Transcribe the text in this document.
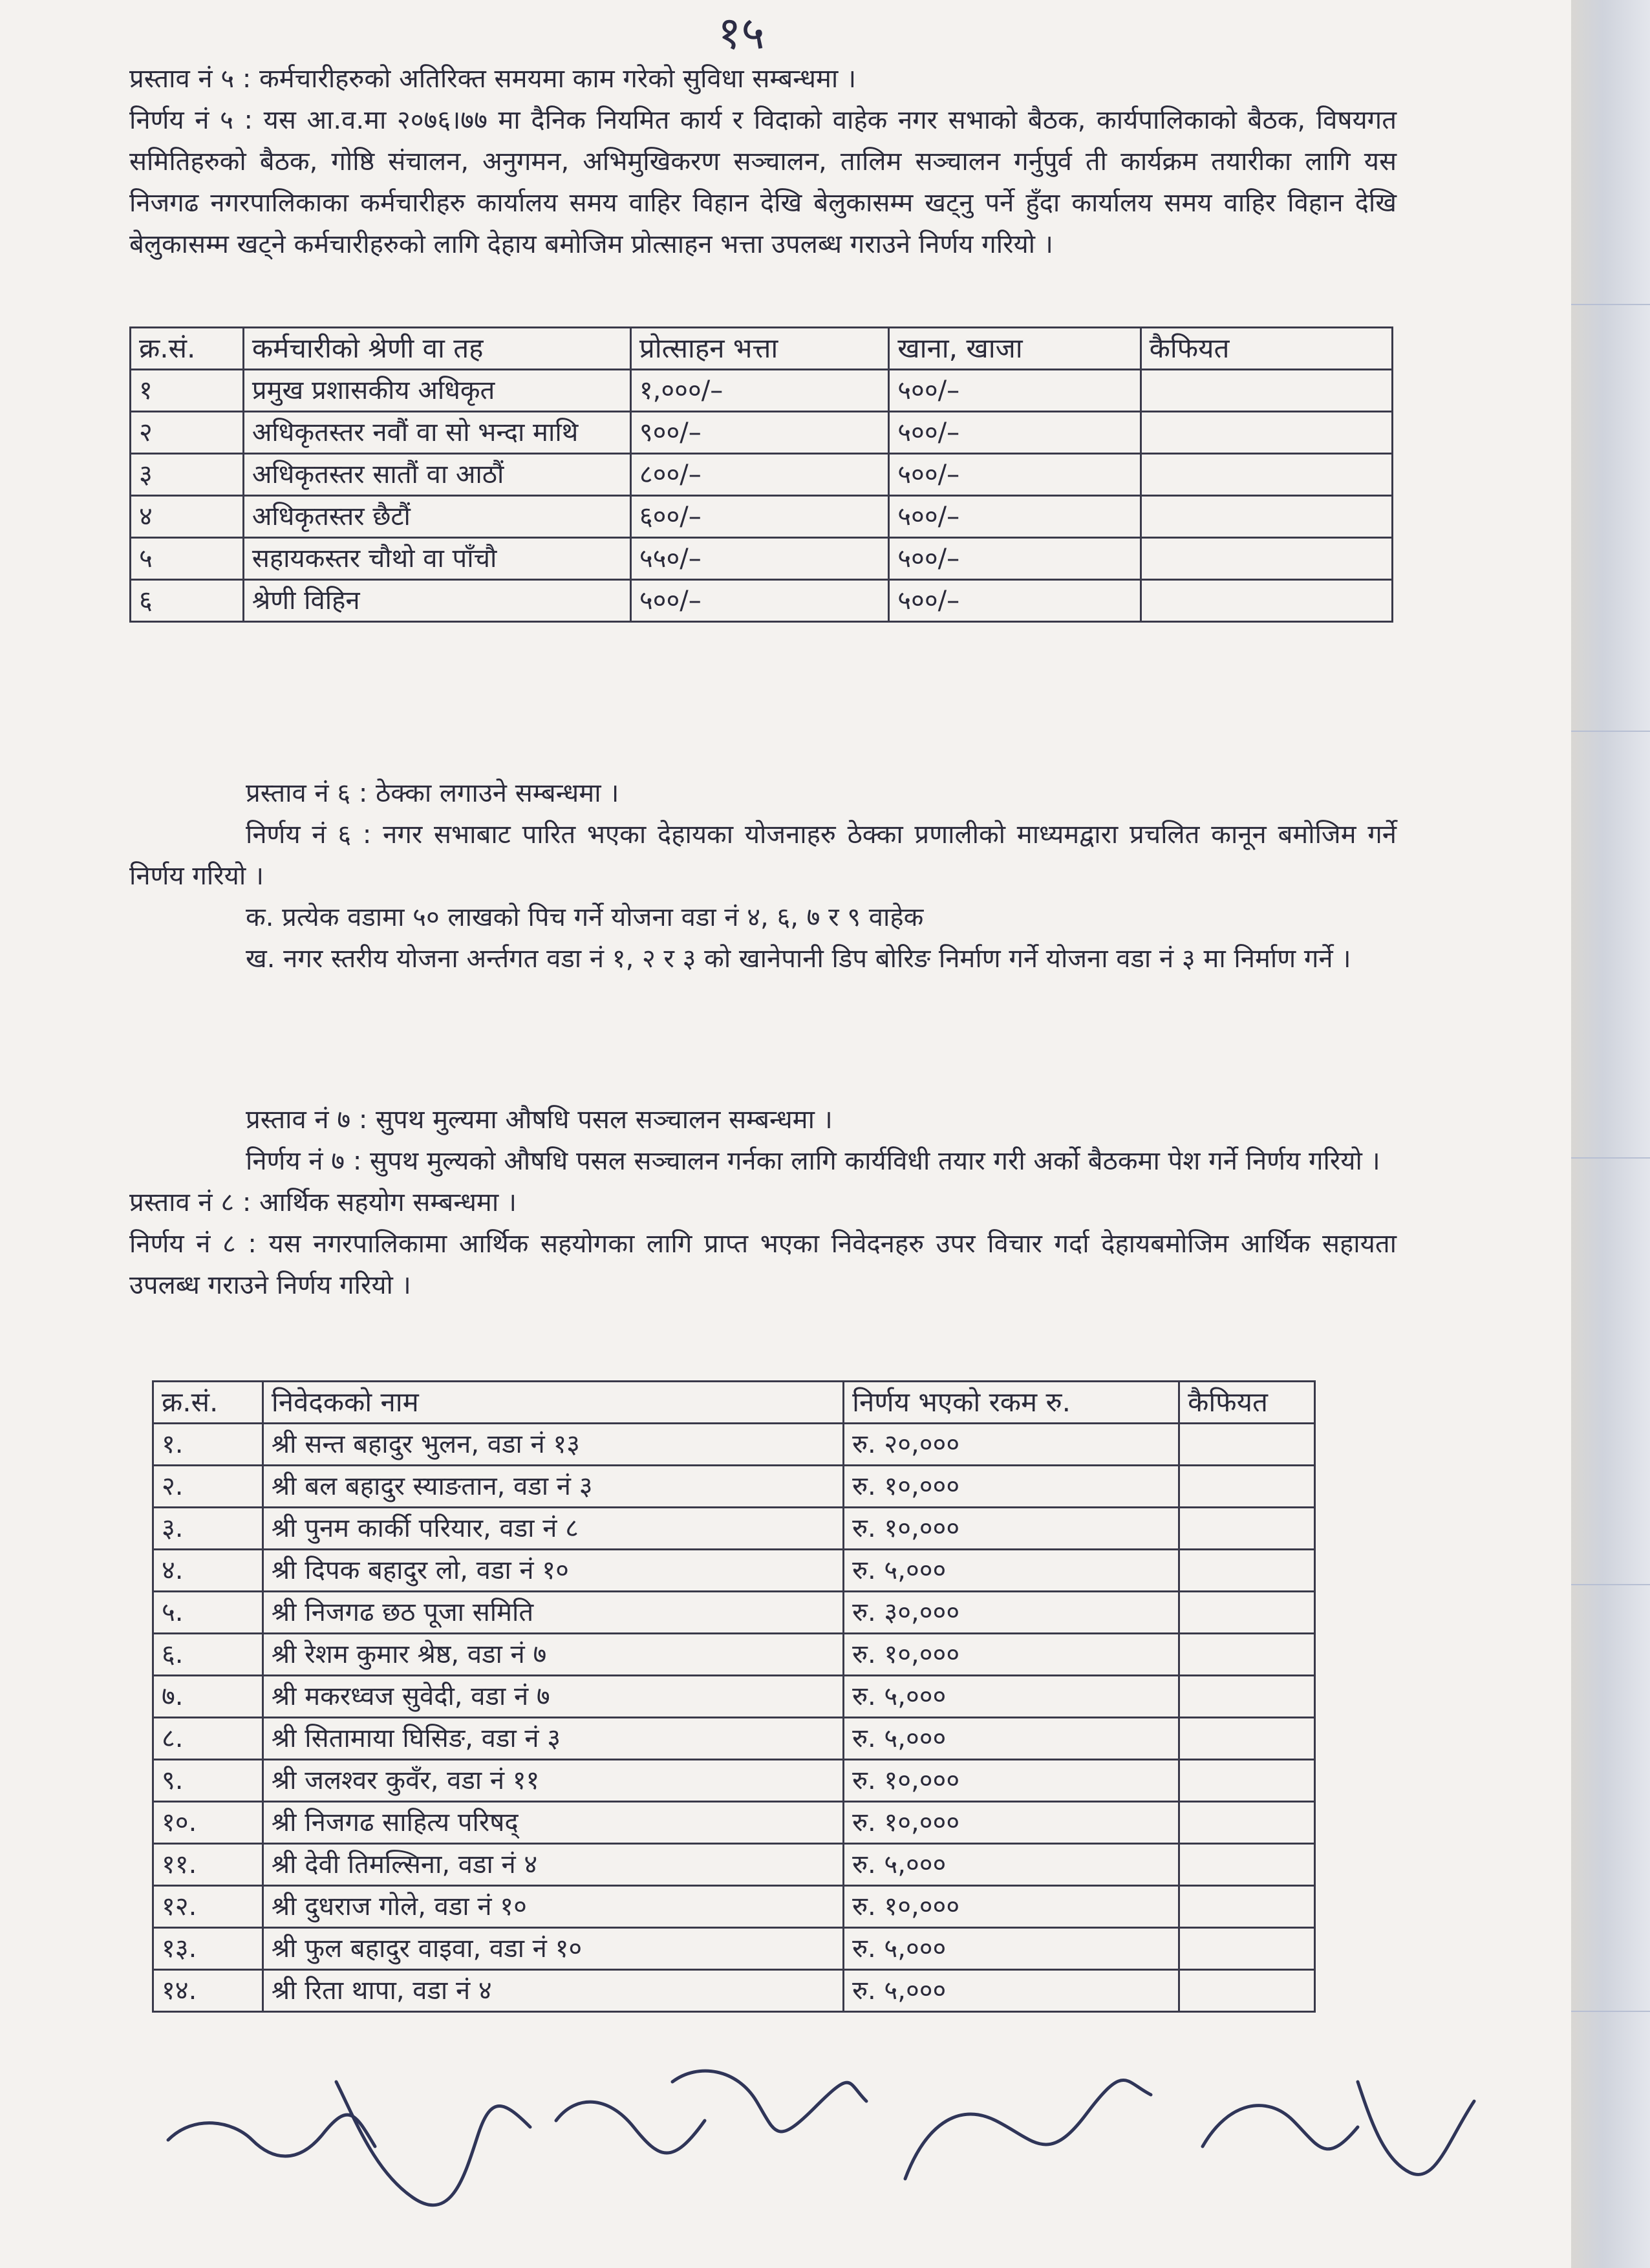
१५

प्रस्ताव नं ५ : कर्मचारीहरुको अतिरिक्त समयमा काम गरेको सुविधा सम्बन्धमा ।

निर्णय नं ५ : यस आ.व.मा २०७६।७७ मा दैनिक नियमित कार्य र विदाको वाहेक नगर सभाको बैठक, कार्यपालिकाको बैठक, विषयगत समितिहरुको बैठक, गोष्ठि संचालन, अनुगमन, अभिमुखिकरण सञ्चालन, तालिम सञ्चालन गर्नुपुर्व ती कार्यक्रम तयारीका लागि यस निजगढ नगरपालिकाका कर्मचारीहरु कार्यालय समय वाहिर विहान देखि बेलुकासम्म खट्नु पर्ने हुँदा कार्यालय समय वाहिर विहान देखि बेलुकासम्म खट्ने कर्मचारीहरुको लागि देहाय बमोजिम प्रोत्साहन भत्ता उपलब्ध गराउने निर्णय गरियो ।

क्र.सं.	कर्मचारीको श्रेणी वा तह	प्रोत्साहन भत्ता	खाना, खाजा	कैफियत
१	प्रमुख प्रशासकीय अधिकृत	१,०००/–	५००/–	
२	अधिकृतस्तर नवौं वा सो भन्दा माथि	९००/–	५००/–	
३	अधिकृतस्तर सातौं वा आठौं	८००/–	५००/–	
४	अधिकृतस्तर छैटौं	६००/–	५००/–	
५	सहायकस्तर चौथो वा पाँचौ	५५०/–	५००/–	
६	श्रेणी विहिन	५००/–	५००/–	

प्रस्ताव नं ६ : ठेक्का लगाउने सम्बन्धमा ।

निर्णय नं ६ : नगर सभाबाट पारित भएका देहायका योजनाहरु ठेक्का प्रणालीको माध्यमद्वारा प्रचलित कानून बमोजिम गर्ने निर्णय गरियो ।

क. प्रत्येक वडामा ५० लाखको पिच गर्ने योजना वडा नं ४, ६, ७ र ९ वाहेक

ख. नगर स्तरीय योजना अर्न्तगत वडा नं १, २ र ३ को खानेपानी डिप बोरिङ निर्माण गर्ने योजना वडा नं ३ मा निर्माण गर्ने ।

प्रस्ताव नं ७ : सुपथ मुल्यमा औषधि पसल सञ्चालन सम्बन्धमा ।

निर्णय नं ७ : सुपथ मुल्यको औषधि पसल सञ्चालन गर्नका लागि कार्यविधी तयार गरी अर्को बैठकमा पेश गर्ने निर्णय गरियो ।

प्रस्ताव नं ८ : आर्थिक सहयोग सम्बन्धमा ।

निर्णय नं ८ : यस नगरपालिकामा आर्थिक सहयोगका लागि प्राप्त भएका निवेदनहरु उपर विचार गर्दा देहायबमोजिम आर्थिक सहायता उपलब्ध गराउने निर्णय गरियो ।

क्र.सं.	निवेदकको नाम	निर्णय भएको रकम रु.	कैफियत
१.	श्री सन्त बहादुर भुलन, वडा नं १३	रु. २०,०००	
२.	श्री बल बहादुर स्याङतान, वडा नं ३	रु. १०,०००	
३.	श्री पुनम कार्की परियार, वडा नं ८	रु. १०,०००	
४.	श्री दिपक बहादुर लो, वडा नं १०	रु. ५,०००	
५.	श्री निजगढ छठ पूजा समिति	रु. ३०,०००	
६.	श्री रेशम कुमार श्रेष्ठ, वडा नं ७	रु. १०,०००	
७.	श्री मकरध्वज सुवेदी, वडा नं ७	रु. ५,०००	
८.	श्री सितामाया घिसिङ, वडा नं ३	रु. ५,०००	
९.	श्री जलश्वर कुवँर, वडा नं ११	रु. १०,०००	
१०.	श्री निजगढ साहित्य परिषद्	रु. १०,०००	
११.	श्री देवी तिमल्सिना, वडा नं ४	रु. ५,०००	
१२.	श्री दुधराज गोले, वडा नं १०	रु. १०,०००	
१३.	श्री फुल बहादुर वाइवा, वडा नं १०	रु. ५,०००	
१४.	श्री रिता थापा, वडा नं ४	रु. ५,०००	
